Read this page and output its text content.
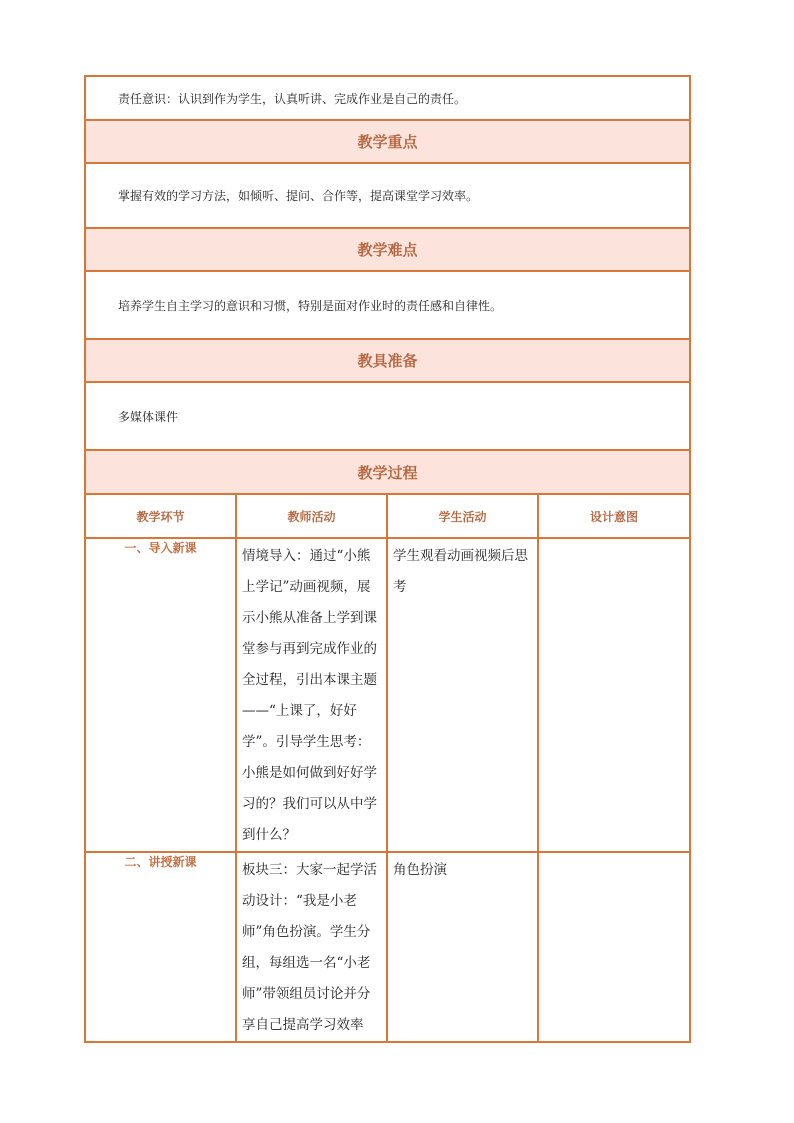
责任意识：认识到作为学生，认真听讲、完成作业是自己的责任。			
教学重点			
掌握有效的学习方法，如倾听、提问、合作等，提高课堂学习效率。			
教学难点			
培养学生自主学习的意识和习惯，特别是面对作业时的责任感和自律性。			
教具准备			
多媒体课件			
教学过程			
教学环节	教师活动	学生活动	设计意图
一、导入新课	情境导入：通过“小熊上学记”动画视频，展示小熊从准备上学到课堂参与再到完成作业的全过程，引出本课主题——“上课了，好好学”。引导学生思考：小熊是如何做到好好学习的？我们可以从中学到什么？	学生观看动画视频后思考	

二、讲授新课	板块三：大家一起学活动设计：“我是小老师”角色扮演。学生分组，每组选一名“小老师”带领组员讨论并分享自己提高学习效率	角色扮演	
